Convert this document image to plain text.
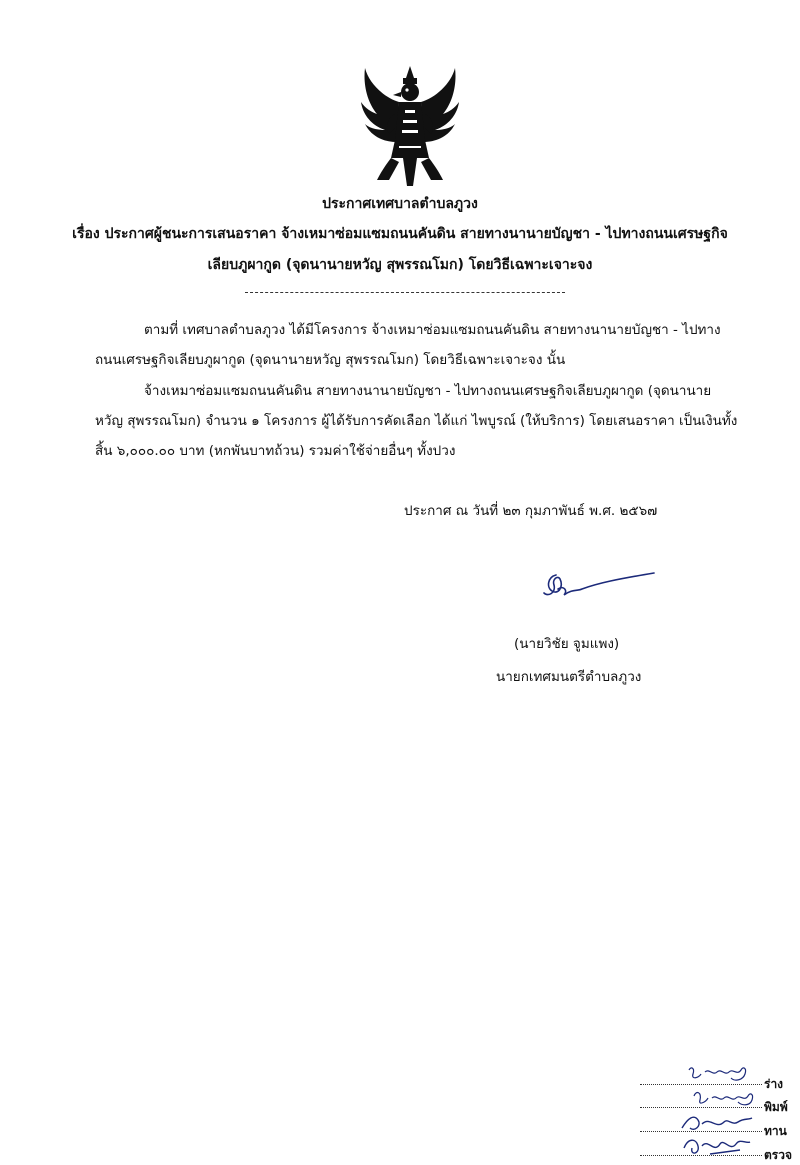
ประกาศเทศบาลตำบลภูวง
เรื่อง ประกาศผู้ชนะการเสนอราคา จ้างเหมาซ่อมแซมถนนคันดิน สายทางนานายบัญชา - ไปทางถนนเศรษฐกิจ
เลียบภูผากูด (จุดนานายหวัญ สุพรรณโมก) โดยวิธีเฉพาะเจาะจง
ตามที่ เทศบาลตำบลภูวง ได้มีโครงการ จ้างเหมาซ่อมแซมถนนคันดิน สายทางนานายบัญชา - ไปทาง
ถนนเศรษฐกิจเลียบภูผากูด (จุดนานายหวัญ สุพรรณโมก) โดยวิธีเฉพาะเจาะจง นั้น
จ้างเหมาซ่อมแซมถนนคันดิน สายทางนานายบัญชา - ไปทางถนนเศรษฐกิจเลียบภูผากูด (จุดนานาย
หวัญ สุพรรณโมก) จำนวน ๑ โครงการ ผู้ได้รับการคัดเลือก ได้แก่ ไพบูรณ์ (ให้บริการ) โดยเสนอราคา เป็นเงินทั้ง
สิ้น ๖,๐๐๐.๐๐ บาท (หกพันบาทถ้วน) รวมค่าใช้จ่ายอื่นๆ ทั้งปวง
ประกาศ ณ วันที่ ๒๓ กุมภาพันธ์ พ.ศ. ๒๕๖๗
(นายวิชัย จูมแพง)
นายกเทศมนตรีตำบลภูวง
ร่าง
พิมพ์
ทาน
ตรวจ
